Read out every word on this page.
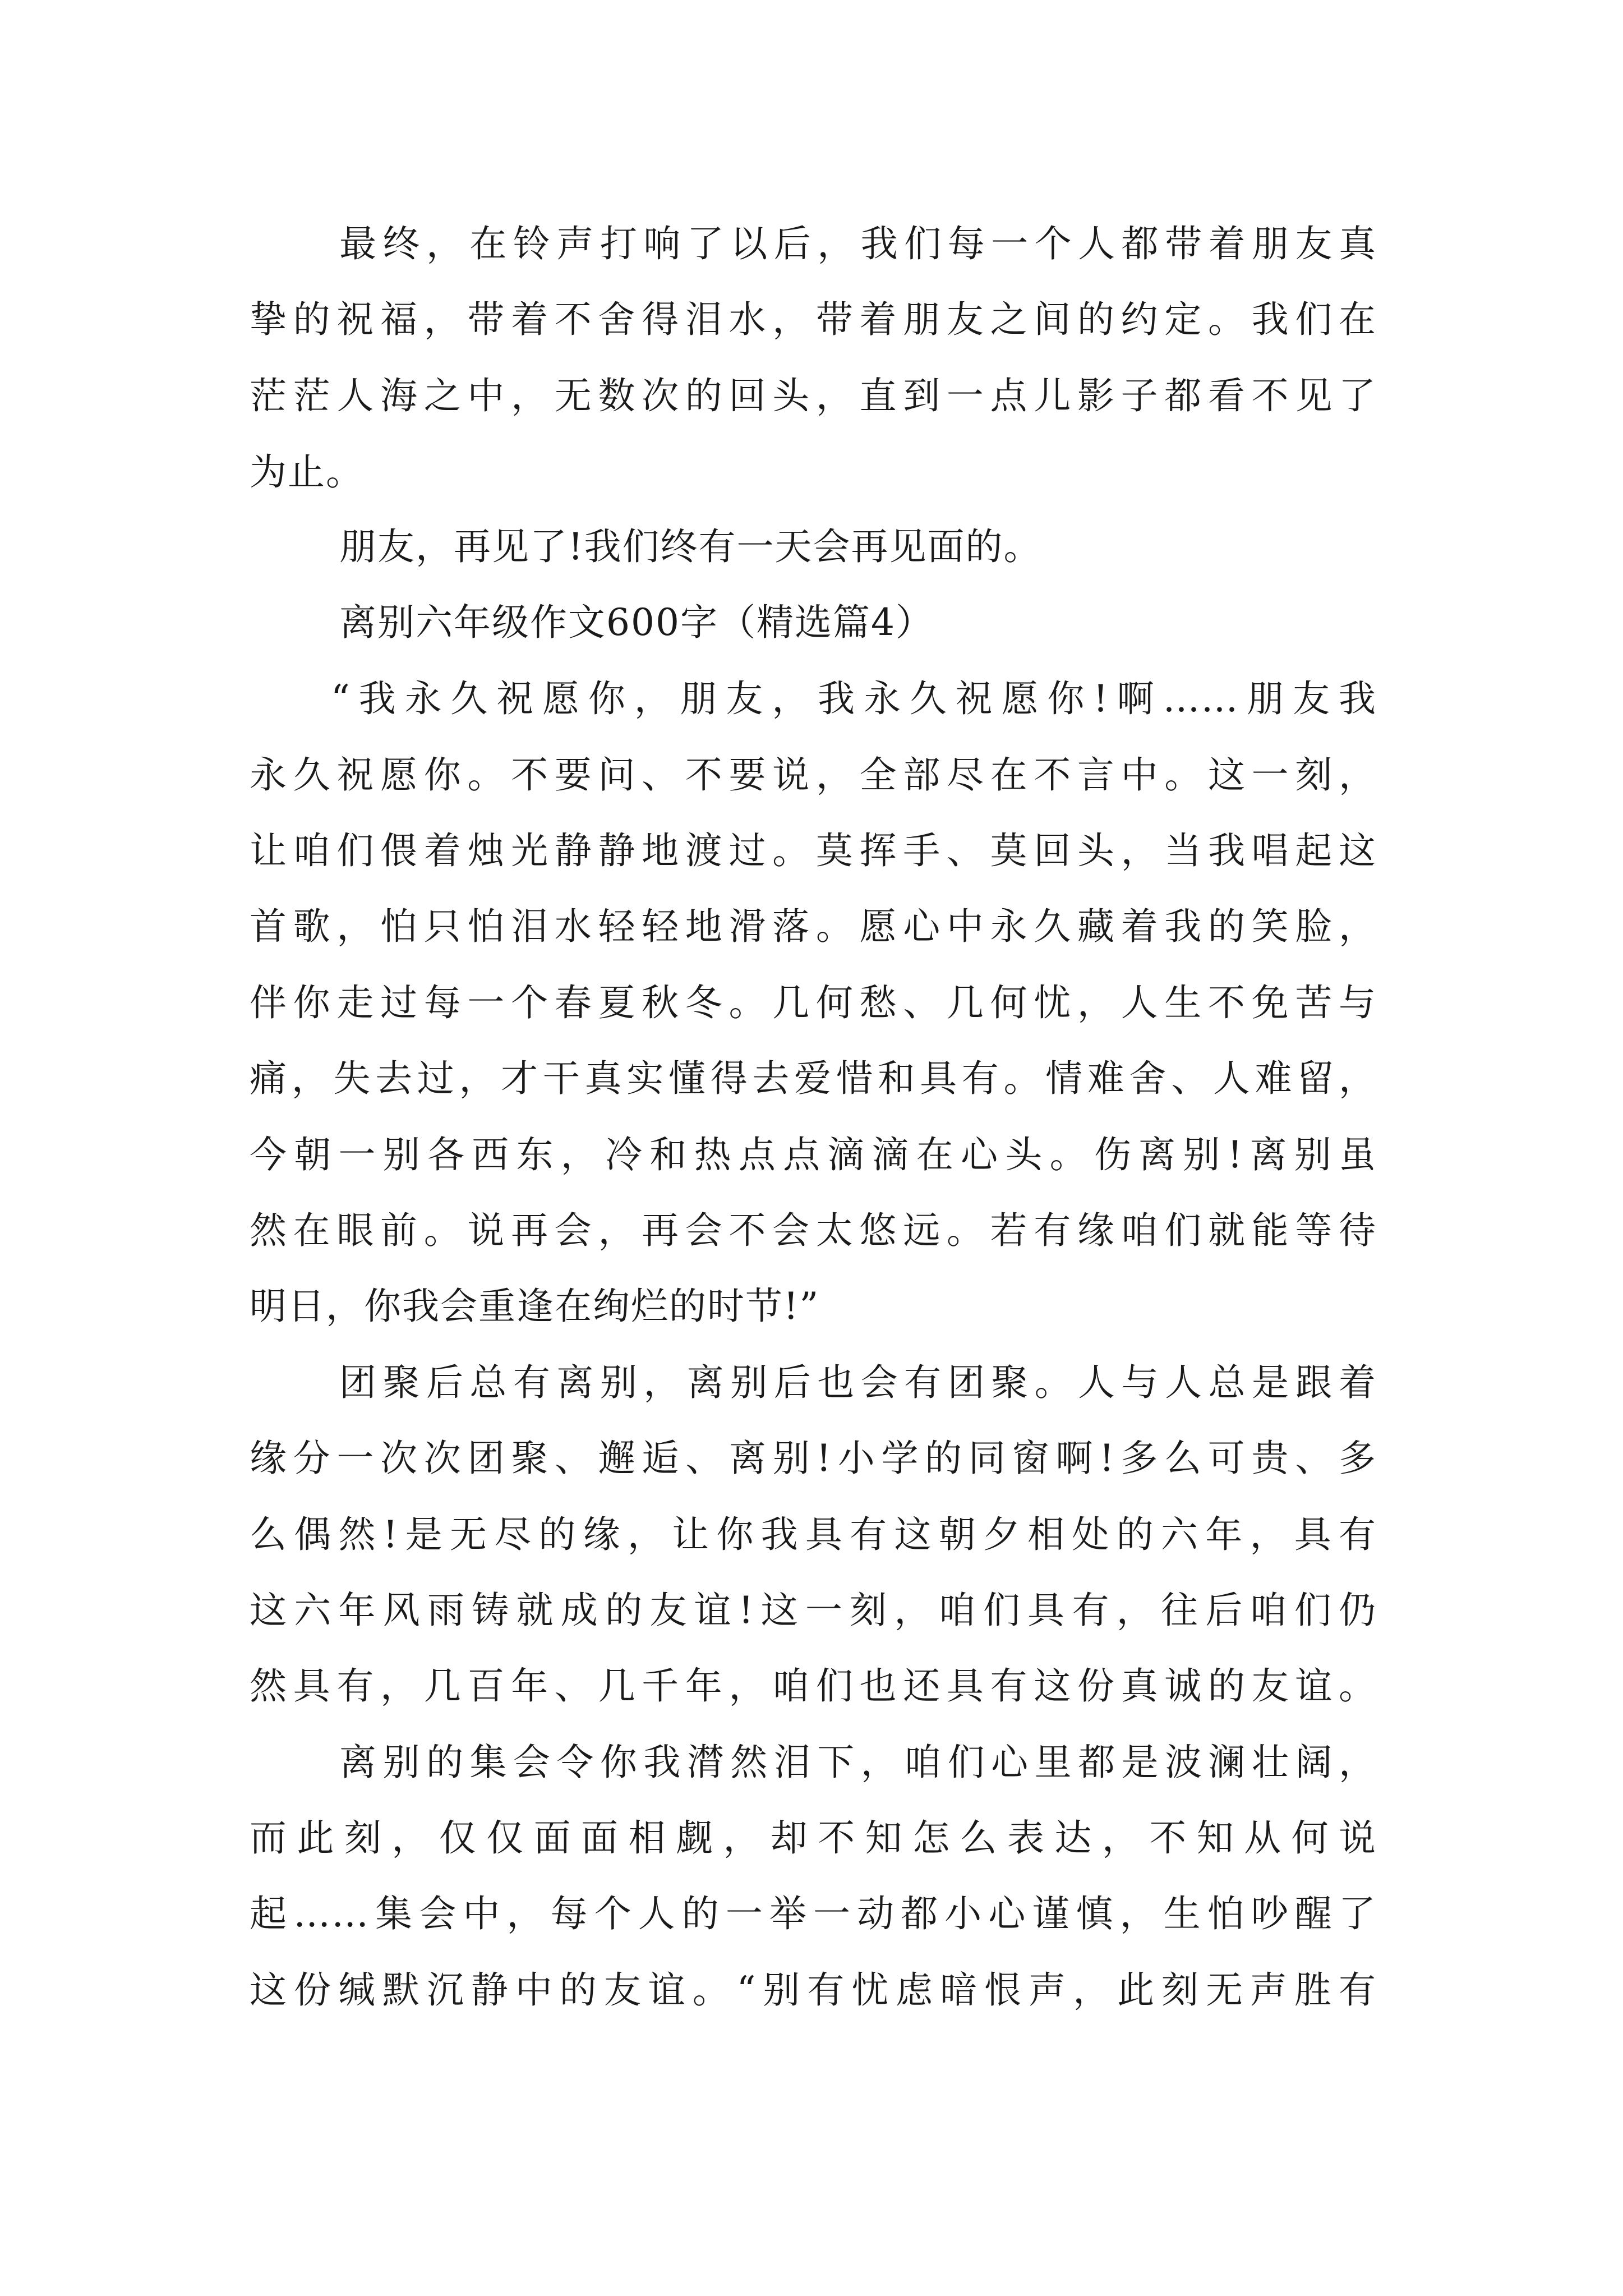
最终，在铃声打响了以后，我们每一个人都带着朋友真
挚的祝福，带着不舍得泪水，带着朋友之间的约定。我们在
茫茫人海之中，无数次的回头，直到一点儿影子都看不见了
为止。
朋友，再见了!我们终有一天会再见面的。
离别六年级作文600字（精选篇4）
“我永久祝愿你，朋友，我永久祝愿你!啊……朋友我
永久祝愿你。不要问、不要说，全部尽在不言中。这一刻，
让咱们偎着烛光静静地渡过。莫挥手、莫回头，当我唱起这
首歌，怕只怕泪水轻轻地滑落。愿心中永久藏着我的笑脸，
伴你走过每一个春夏秋冬。几何愁、几何忧，人生不免苦与
痛，失去过，才干真实懂得去爱惜和具有。情难舍、人难留，
今朝一别各西东，冷和热点点滴滴在心头。伤离别!离别虽
然在眼前。说再会，再会不会太悠远。若有缘咱们就能等待
明日，你我会重逢在绚烂的时节!”
团聚后总有离别，离别后也会有团聚。人与人总是跟着
缘分一次次团聚、邂逅、离别!小学的同窗啊!多么可贵、多
么偶然!是无尽的缘，让你我具有这朝夕相处的六年，具有
这六年风雨铸就成的友谊!这一刻，咱们具有，往后咱们仍
然具有，几百年、几千年，咱们也还具有这份真诚的友谊。
离别的集会令你我潸然泪下，咱们心里都是波澜壮阔，
而此刻，仅仅面面相觑，却不知怎么表达，不知从何说
起……集会中，每个人的一举一动都小心谨慎，生怕吵醒了
这份缄默沉静中的友谊。“别有忧虑暗恨声，此刻无声胜有
